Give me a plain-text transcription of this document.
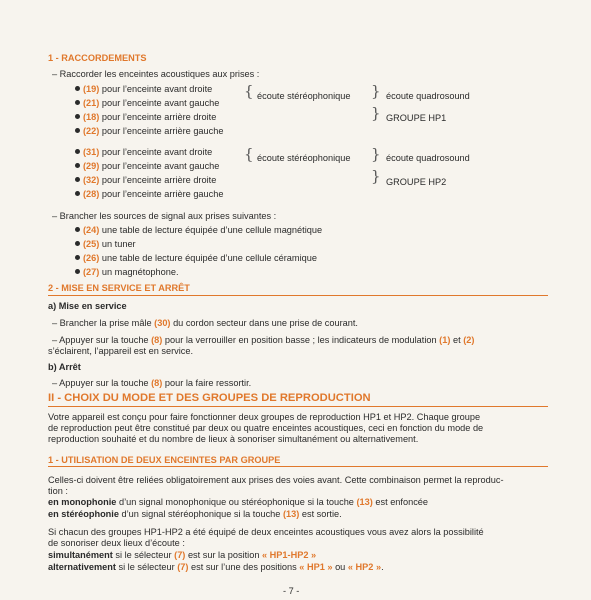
1 - RACCORDEMENTS
– Raccorder les enceintes acoustiques aux prises :
(19) pour l’enceinte avant droite
(21) pour l’enceinte avant gauche
(18) pour l’enceinte arrière droite
(22) pour l’enceinte arrière gauche
{ écoute stéréophonique }
}
écoute quadrosound
GROUPE HP1
(31) pour l’enceinte avant droite
(29) pour l’enceinte avant gauche
(32) pour l’enceinte arrière droite
(28) pour l’enceinte arrière gauche
{ écoute stéréophonique }
}
écoute quadrosound
GROUPE HP2
– Brancher les sources de signal aux prises suivantes :
(24) une table de lecture équipée d’une cellule magnétique
(25) un tuner
(26) une table de lecture équipée d’une cellule céramique
(27) un magnétophone.
2 - MISE EN SERVICE ET ARRÊT
a) Mise en service
– Brancher la prise mâle (30) du cordon secteur dans une prise de courant.
– Appuyer sur la touche (8) pour la verrouiller en position basse ; les indicateurs de modulation (1) et (2)
s’éclairent, l’appareil est en service.
b) Arrêt
– Appuyer sur la touche (8) pour la faire ressortir.
II - CHOIX DU MODE ET DES GROUPES DE REPRODUCTION
Votre appareil est conçu pour faire fonctionner deux groupes de reproduction HP1 et HP2. Chaque groupe
de reproduction peut être constitué par deux ou quatre enceintes acoustiques, ceci en fonction du mode de
reproduction souhaité et du nombre de lieux à sonoriser simultanément ou alternativement.
1 - UTILISATION DE DEUX ENCEINTES PAR GROUPE
Celles-ci doivent être reliées obligatoirement aux prises des voies avant. Cette combinaison permet la reproduc-
tion :
en monophonie d’un signal monophonique ou stéréophonique si la touche (13) est enfoncée
en stéréophonie d’un signal stéréophonique si la touche (13) est sortie.
Si chacun des groupes HP1-HP2 a été équipé de deux enceintes acoustiques vous avez alors la possibilité
de sonoriser deux lieux d’écoute :
simultanément si le sélecteur (7) est sur la position « HP1-HP2 »
alternativement si le sélecteur (7) est sur l’une des positions « HP1 » ou « HP2 ».
- 7 -
